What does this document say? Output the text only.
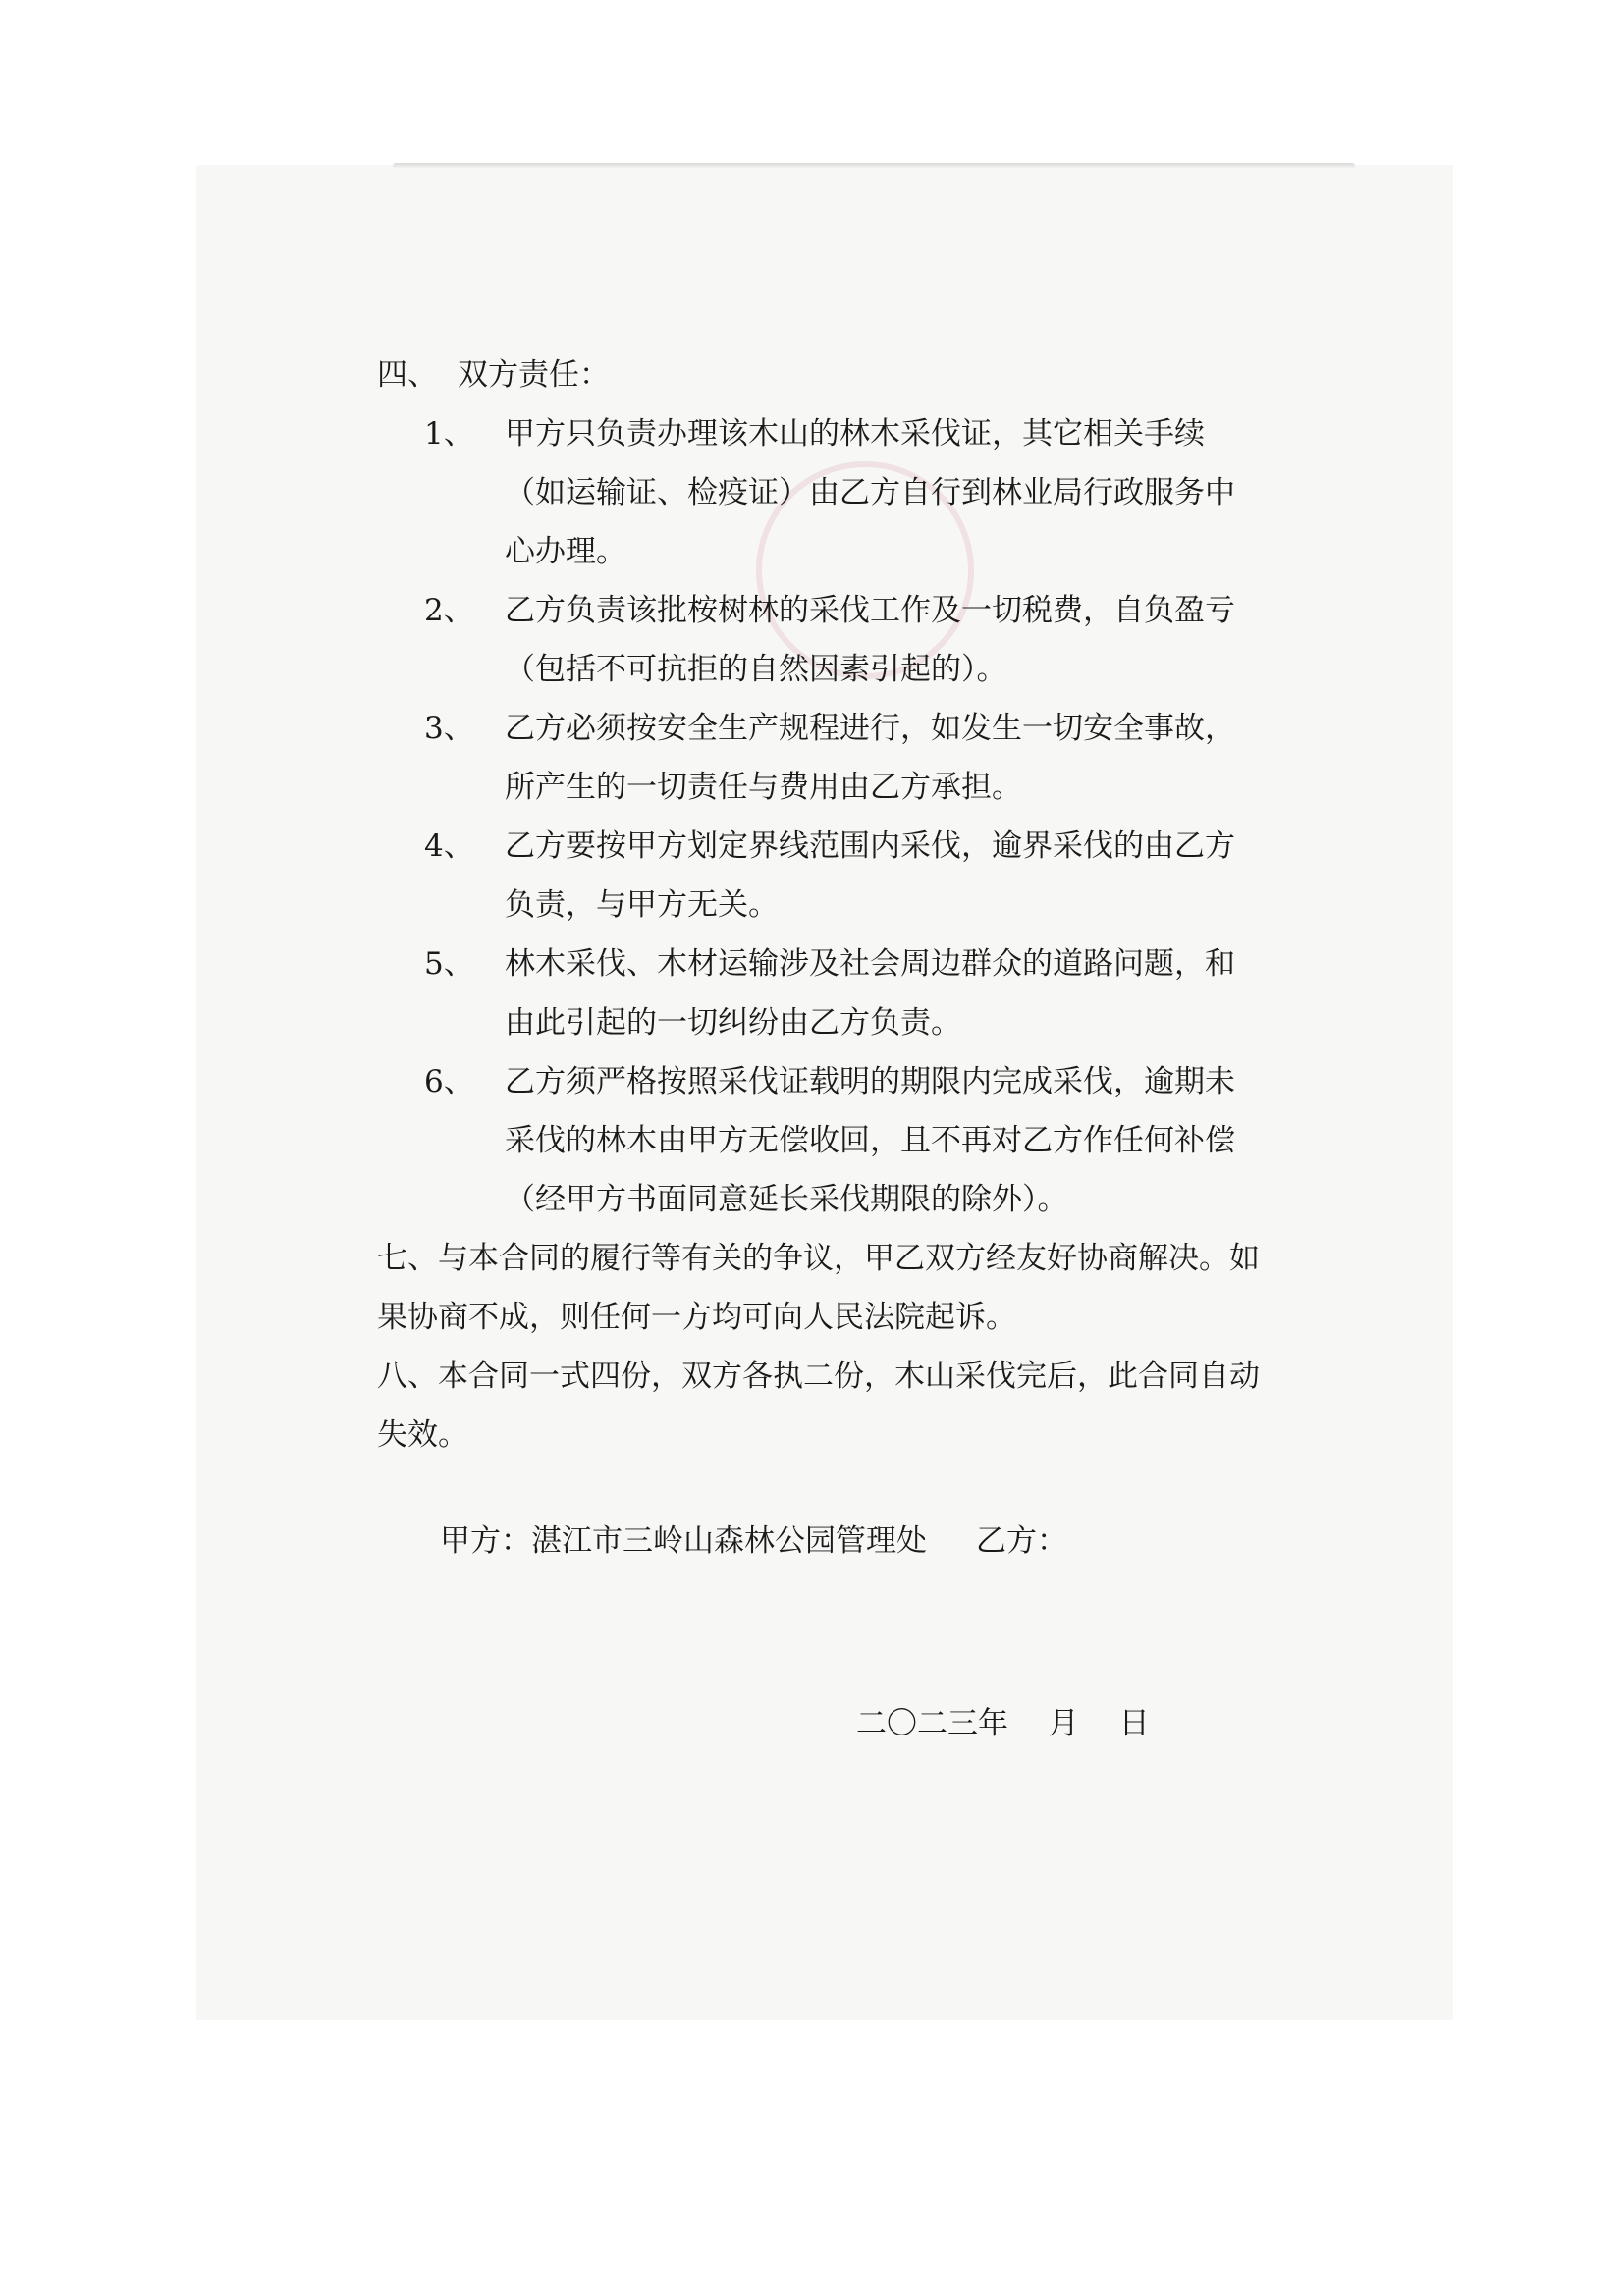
四、 双方责任：
1、 甲方只负责办理该木山的林木采伐证，其它相关手续（如运输证、检疫证）由乙方自行到林业局行政服务中心办理。
2、 乙方负责该批桉树林的采伐工作及一切税费，自负盈亏（包括不可抗拒的自然因素引起的）。
3、 乙方必须按安全生产规程进行，如发生一切安全事故，所产生的一切责任与费用由乙方承担。
4、 乙方要按甲方划定界线范围内采伐，逾界采伐的由乙方负责，与甲方无关。
5、 林木采伐、木材运输涉及社会周边群众的道路问题，和由此引起的一切纠纷由乙方负责。
6、 乙方须严格按照采伐证载明的期限内完成采伐，逾期未采伐的林木由甲方无偿收回，且不再对乙方作任何补偿（经甲方书面同意延长采伐期限的除外）。
七、与本合同的履行等有关的争议，甲乙双方经友好协商解决。如果协商不成，则任何一方均可向人民法院起诉。
八、本合同一式四份，双方各执二份，木山采伐完后，此合同自动失效。
甲方：湛江市三岭山森林公园管理处 乙方：
二〇二三年　 月　 日
